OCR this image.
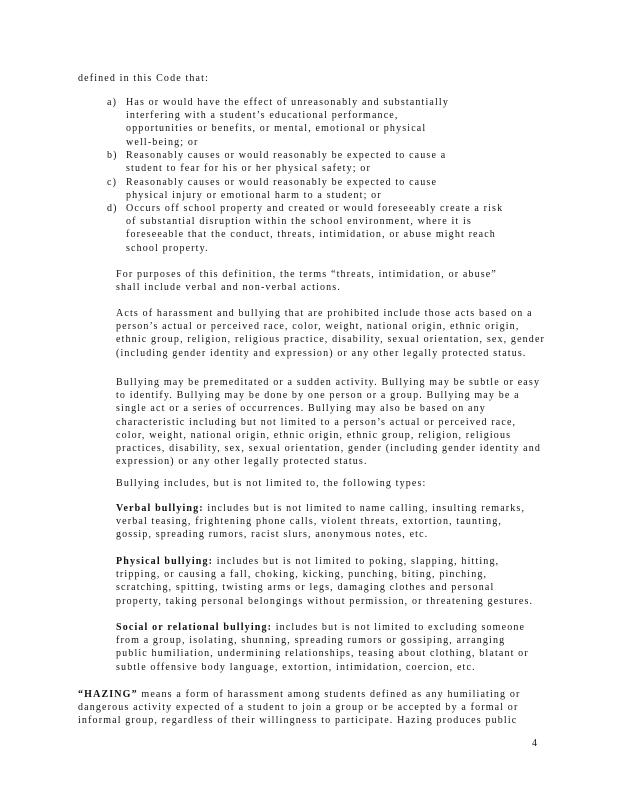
defined in this Code that:

a) Has or would have the effect of unreasonably and substantially
interfering with a student’s educational performance,
opportunities or benefits, or mental, emotional or physical
well-being; or
b) Reasonably causes or would reasonably be expected to cause a
student to fear for his or her physical safety; or
c) Reasonably causes or would reasonably be expected to cause
physical injury or emotional harm to a student; or
d) Occurs off school property and created or would foreseeably create a risk
of substantial disruption within the school environment, where it is
foreseeable that the conduct, threats, intimidation, or abuse might reach
school property.
For purposes of this definition, the terms “threats, intimidation, or abuse”
shall include verbal and non-verbal actions.
Acts of harassment and bullying that are prohibited include those acts based on a
person’s actual or perceived race, color, weight, national origin, ethnic origin,
ethnic group, religion, religious practice, disability, sexual orientation, sex, gender
(including gender identity and expression) or any other legally protected status.
Bullying may be premeditated or a sudden activity. Bullying may be subtle or easy
to identify. Bullying may be done by one person or a group. Bullying may be a
single act or a series of occurrences. Bullying may also be based on any
characteristic including but not limited to a person’s actual or perceived race,
color, weight, national origin, ethnic origin, ethnic group, religion, religious
practices, disability, sex, sexual orientation, gender (including gender identity and
expression) or any other legally protected status.

Bullying includes, but is not limited to, the following types:

Verbal bullying: includes but is not limited to name calling, insulting remarks,
verbal teasing, frightening phone calls, violent threats, extortion, taunting,
gossip, spreading rumors, racist slurs, anonymous notes, etc.
Physical bullying: includes but is not limited to poking, slapping, hitting,
tripping, or causing a fall, choking, kicking, punching, biting, pinching,
scratching, spitting, twisting arms or legs, damaging clothes and personal
property, taking personal belongings without permission, or threatening gestures.
Social or relational bullying: includes but is not limited to excluding someone
from a group, isolating, shunning, spreading rumors or gossiping, arranging
public humiliation, undermining relationships, teasing about clothing, blatant or
subtle offensive body language, extortion, intimidation, coercion, etc.
“HAZING” means a form of harassment among students defined as any humiliating or
dangerous activity expected of a student to join a group or be accepted by a formal or
informal group, regardless of their willingness to participate. Hazing produces public

4
